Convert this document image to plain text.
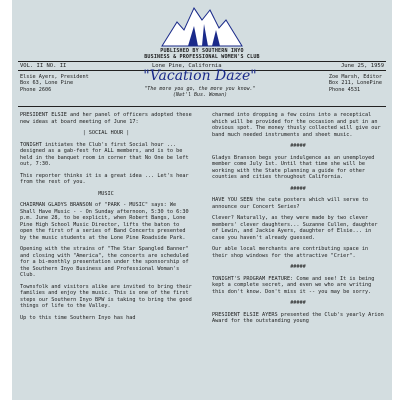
PUBLISHED BY SOUTHERN INYO
BUSINESS & PROFESSIONAL WOMEN'S CLUB
VOL. II NO. II	Lone Pine, California	June 25, 1959
Elsie Ayers, President
Box 63, Lone Pine
Phone 2606
"Vacation Daze"
"The more you go, the more you know."
(Nat'l Bus. Woman)
Zoe Marsh, Editor
Box 211, LonePine
Phone 4531

PRESIDENT ELSIE and her panel of officers adopted these new ideas at board meeting of June 17:

| SOCIAL HOUR |

TONIGHT initiates the Club's first Social hour ... designed as a gab-fest for ALL members, and is to be held in the banquet room in corner that No One be left out, 7:30.

This reporter thinks it is a great idea ... Let's hear from the rest of you.

MUSIC

CHAIRMAN GLADYS BRANSON of "PARK - MUSIC" says: We Shall Have Music - - On Sunday afternoon, 5:30 to 6:30 p.m. June 28, to be explicit, when Robert Bangs, Lone Pine High School Music Director, lifts the baton to open the first of a series of Band Concerts presented by the music students at the Lone Pine Roadside Park.

Opening with the strains of "The Star Spangled Banner" and closing with "America", the concerts are scheduled for a bi-monthly presentation under the sponsorship of the Southern Inyo Business and Professional Woman's Club.

Townsfolk and visitors alike are invited to bring their families and enjoy the music. This is one of the first steps our Southern Inyo BPW is taking to bring the good things of life to the Valley.

Up to this time Southern Inyo has had

charmed into dropping a few coins into a receptical which will be provided for the occasion and put in an obvious spot. The money thusly collected will give our band much needed instruments and sheet music.

#####

Gladys Branson begs your indulgence as an unemployed member come July 1st. Until that time she will be working with the State planning a guide for other counties and cities throughout California.

#####

HAVE YOU SEEN the cute posters which will serve to announce our Concert Series?

Clever? Naturally, as they were made by two clever members' clever daughters... Suzanne Cullen, daughter of Lewin, and Jackie Ayers, daughter of Elsie... in case you haven't already guessed.

Our able local merchants are contributing space in their shop windows for the attractive "Crier".

#####

TONIGHT'S PROGRAM FEATURE: Come and see! It is being kept a complete secret, and even we who are writing this don't know. Don't miss it -- you may be sorry.

#####

PRESIDENT ELSIE AYERS presented the Club's yearly Arion Award for the outstanding young
